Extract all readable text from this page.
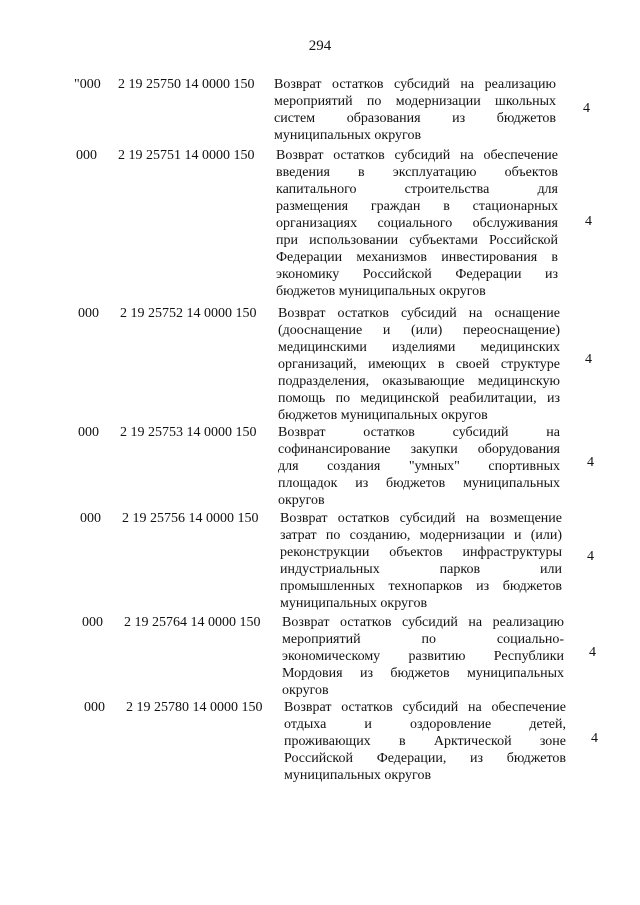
294
"000 2 19 25750 14 0000 150 Возврат остатков субсидий на реализацию
мероприятий по модернизации школьных
систем образования из бюджетов
муниципальных округов
4
000 2 19 25751 14 0000 150 Возврат остатков субсидий на обеспечение
введения в эксплуатацию объектов
капитального строительства для
размещения граждан в стационарных
организациях социального обслуживания
при использовании субъектами Российской
Федерации механизмов инвестирования в
экономику Российской Федерации из
бюджетов муниципальных округов
4
000 2 19 25752 14 0000 150 Возврат остатков субсидий на оснащение
(дооснащение и (или) переоснащение)
медицинскими изделиями медицинских
организаций, имеющих в своей структуре
подразделения, оказывающие медицинскую
помощь по медицинской реабилитации, из
бюджетов муниципальных округов
4
000 2 19 25753 14 0000 150 Возврат остатков субсидий на
софинансирование закупки оборудования
для создания "умных" спортивных
площадок из бюджетов муниципальных
округов
4
000 2 19 25756 14 0000 150 Возврат остатков субсидий на возмещение
затрат по созданию, модернизации и (или)
реконструкции объектов инфраструктуры
индустриальных парков или
промышленных технопарков из бюджетов
муниципальных округов
4
000 2 19 25764 14 0000 150 Возврат остатков субсидий на реализацию
мероприятий по социально-
экономическому развитию Республики
Мордовия из бюджетов муниципальных
округов
4
000 2 19 25780 14 0000 150 Возврат остатков субсидий на обеспечение
отдыха и оздоровление детей,
проживающих в Арктической зоне
Российской Федерации, из бюджетов
муниципальных округов
4
